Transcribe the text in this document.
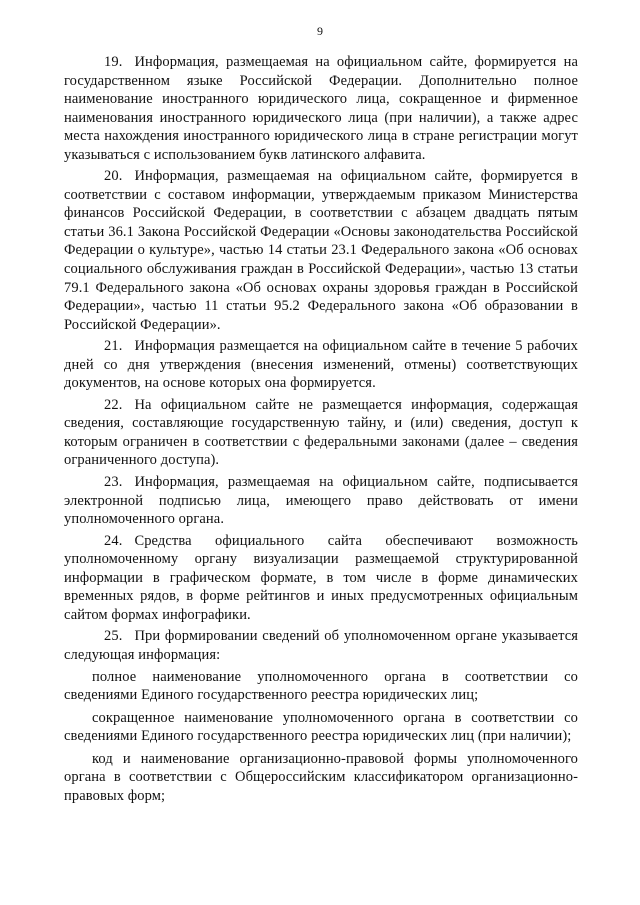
9

19. Информация, размещаемая на официальном сайте, формируется на государственном языке Российской Федерации. Дополнительно полное наименование иностранного юридического лица, сокращенное и фирменное наименования иностранного юридического лица (при наличии), а также адрес места нахождения иностранного юридического лица в стране регистрации могут указываться с использованием букв латинского алфавита.

20. Информация, размещаемая на официальном сайте, формируется в соответствии с составом информации, утверждаемым приказом Министерства финансов Российской Федерации, в соответствии с абзацем двадцать пятым статьи 36.1 Закона Российской Федерации «Основы законодательства Российской Федерации о культуре», частью 14 статьи 23.1 Федерального закона «Об основах социального обслуживания граждан в Российской Федерации», частью 13 статьи 79.1 Федерального закона «Об основах охраны здоровья граждан в Российской Федерации», частью 11 статьи 95.2 Федерального закона «Об образовании в Российской Федерации».

21. Информация размещается на официальном сайте в течение 5 рабочих дней со дня утверждения (внесения изменений, отмены) соответствующих документов, на основе которых она формируется.

22. На официальном сайте не размещается информация, содержащая сведения, составляющие государственную тайну, и (или) сведения, доступ к которым ограничен в соответствии с федеральными законами (далее – сведения ограниченного доступа).

23. Информация, размещаемая на официальном сайте, подписывается электронной подписью лица, имеющего право действовать от имени уполномоченного органа.

24. Средства официального сайта обеспечивают возможность уполномоченному органу визуализации размещаемой структурированной информации в графическом формате, в том числе в форме динамических временных рядов, в форме рейтингов и иных предусмотренных официальным сайтом формах инфографики.

25. При формировании сведений об уполномоченном органе указывается следующая информация:

полное наименование уполномоченного органа в соответствии со сведениями Единого государственного реестра юридических лиц;

сокращенное наименование уполномоченного органа в соответствии со сведениями Единого государственного реестра юридических лиц (при наличии);

код и наименование организационно-правовой формы уполномоченного органа в соответствии с Общероссийским классификатором организационно-правовых форм;
